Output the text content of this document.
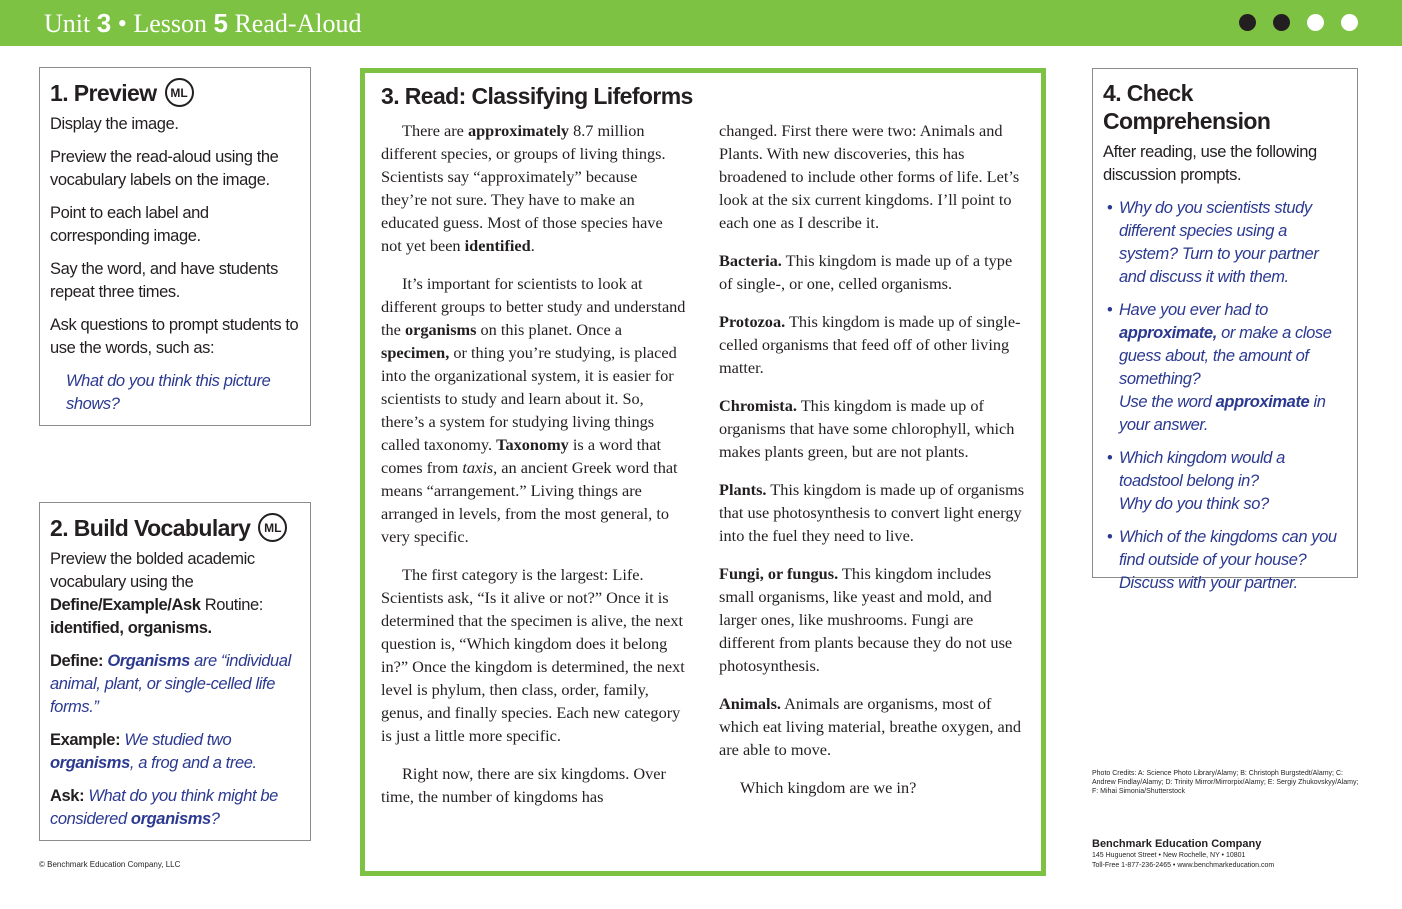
Unit 3 • Lesson 5 Read-Aloud
1. Preview	ML

Display the image.

Preview the read-aloud using the vocabulary labels on the image.

Point to each label and corresponding image.

Say the word, and have students repeat three times.

Ask questions to prompt students to use the words, such as:

What do you think this picture shows?

2. Build Vocabulary	ML

Preview the bolded academic vocabulary using the Define/Example/Ask Routine: identified, organisms.

Define: Organisms are “individual animal, plant, or single-celled life forms.”

Example: We studied two organisms, a frog and a tree.

Ask: What do you think might be considered organisms?

3. Read: Classifying Lifeforms

There are approximately 8.7 million different species, or groups of living things. Scientists say “approximately” because they’re not sure. They have to make an educated guess. Most of those species have not yet been identified.

It’s important for scientists to look at different groups to better study and understand the organisms on this planet. Once a specimen, or thing you’re studying, is placed into the organizational system, it is easier for scientists to study and learn about it. So, there’s a system for studying living things called taxonomy. Taxonomy is a word that comes from taxis, an ancient Greek word that means “arrangement.” Living things are arranged in levels, from the most general, to very specific.

The first category is the largest: Life. Scientists ask, “Is it alive or not?” Once it is determined that the specimen is alive, the next question is, “Which kingdom does it belong in?” Once the kingdom is determined, the next level is phylum, then class, order, family, genus, and finally species. Each new category is just a little more specific.

Right now, there are six kingdoms. Over time, the number of kingdoms has

changed. First there were two: Animals and Plants. With new discoveries, this has broadened to include other forms of life. Let’s look at the six current kingdoms. I’ll point to each one as I describe it.

Bacteria. This kingdom is made up of a type of single-, or one, celled organisms.

Protozoa. This kingdom is made up of single-celled organisms that feed off of other living matter.

Chromista. This kingdom is made up of organisms that have some chlorophyll, which makes plants green, but are not plants.

Plants. This kingdom is made up of organisms that use photosynthesis to convert light energy into the fuel they need to live.

Fungi, or fungus. This kingdom includes small organisms, like yeast and mold, and larger ones, like mushrooms. Fungi are different from plants because they do not use photosynthesis.

Animals. Animals are organisms, most of which eat living material, breathe oxygen, and are able to move.

Which kingdom are we in?

4. Check Comprehension

After reading, use the following discussion prompts.

• Why do you scientists study different species using a system? Turn to your partner and discuss it with them.
• Have you ever had to approximate, or make a close guess about, the amount of something?
Use the word approximate in your answer.
• Which kingdom would a toadstool belong in?
Why do you think so?
• Which of the kingdoms can you find outside of your house? Discuss with your partner.
Photo Credits: A: Science Photo Library/Alamy; B: Christoph Burgstedt/Alamy; C: Andrew Findlay/Alamy; D: Trinity Mirror/Mirrorpix/Alamy; E: Sergiy Zhukovskyy/Alamy; F: Mihai Simonia/Shutterstock
Benchmark Education Company
145 Huguenot Street • New Rochelle, NY • 10801
Toll-Free 1-877-236-2465 • www.benchmarkeducation.com
© Benchmark Education Company, LLC
